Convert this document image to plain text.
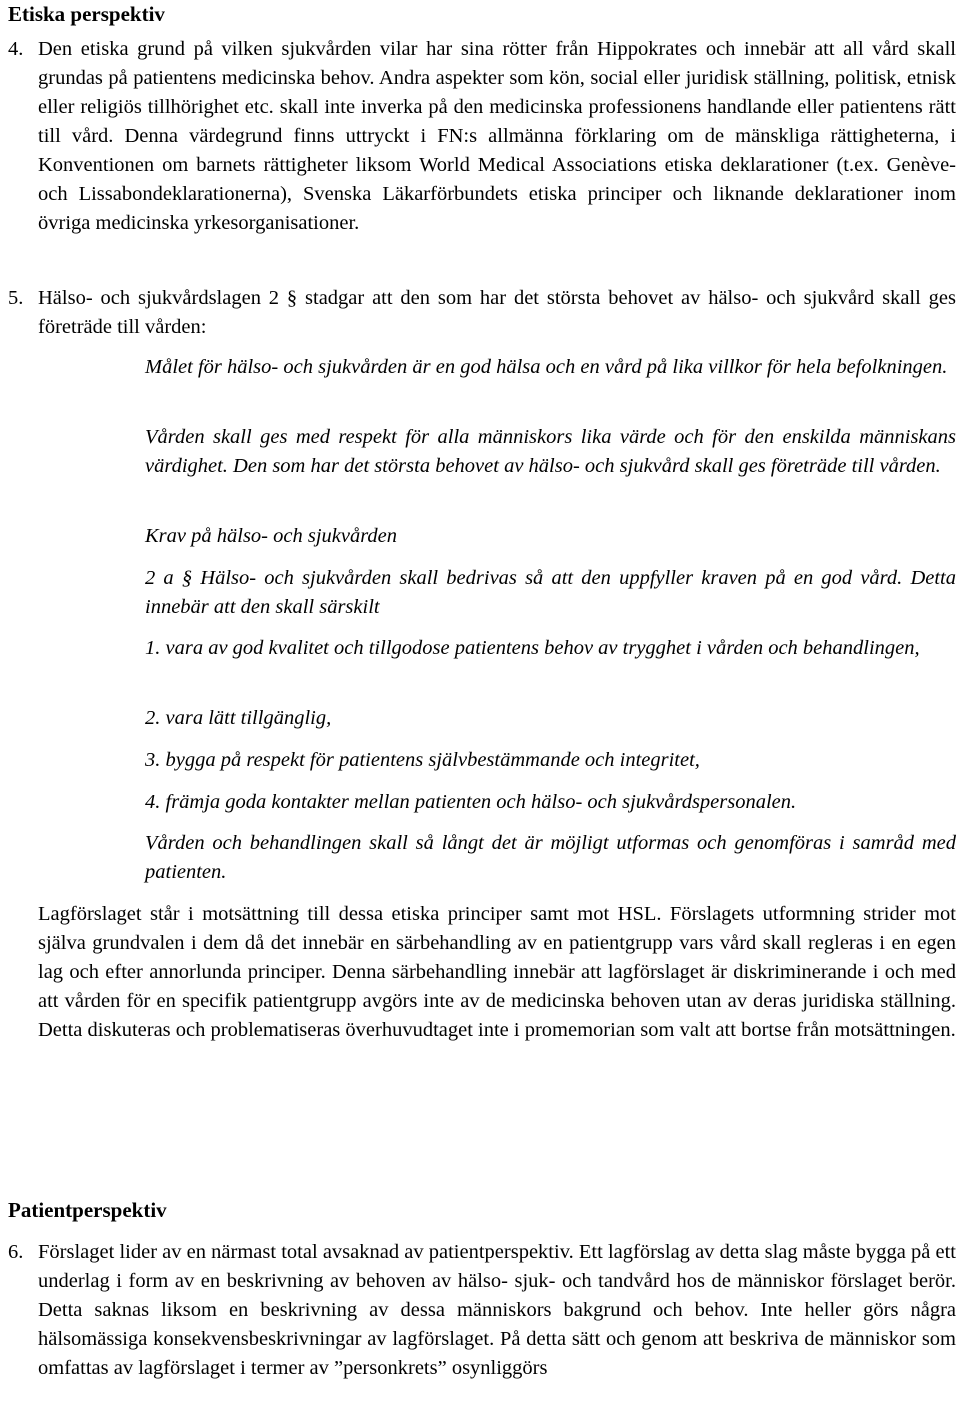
Etiska perspektiv
4. Den etiska grund på vilken sjukvården vilar har sina rötter från Hippokrates och innebär att all vård skall grundas på patientens medicinska behov. Andra aspekter som kön, social eller juridisk ställning, politisk, etnisk eller religiös tillhörighet etc. skall inte inverka på den medicinska professionens handlande eller patientens rätt till vård. Denna värdegrund finns uttryckt i FN:s allmänna förklaring om de mänskliga rättigheterna, i Konventionen om barnets rättigheter liksom World Medical Associations etiska deklarationer (t.ex. Genève- och Lissabondeklarationerna), Svenska Läkarförbundets etiska principer och liknande deklarationer inom övriga medicinska yrkesorganisationer.
5. Hälso- och sjukvårdslagen 2 § stadgar att den som har det största behovet av hälso- och sjukvård skall ges företräde till vården:

Målet för hälso- och sjukvården är en god hälsa och en vård på lika villkor för hela befolkningen.

Vården skall ges med respekt för alla människors lika värde och för den enskilda människans värdighet. Den som har det största behovet av hälso- och sjukvård skall ges företräde till vården.

Krav på hälso- och sjukvården

2 a § Hälso- och sjukvården skall bedrivas så att den uppfyller kraven på en god vård. Detta innebär att den skall särskilt

1. vara av god kvalitet och tillgodose patientens behov av trygghet i vården och behandlingen,

2. vara lätt tillgänglig,

3. bygga på respekt för patientens självbestämmande och integritet,

4. främja goda kontakter mellan patienten och hälso- och sjukvårdspersonalen.

Vården och behandlingen skall så långt det är möjligt utformas och genomföras i samråd med patienten.

Lagförslaget står i motsättning till dessa etiska principer samt mot HSL. Förslagets utformning strider mot själva grundvalen i dem då det innebär en särbehandling av en patientgrupp vars vård skall regleras i en egen lag och efter annorlunda principer. Denna särbehandling innebär att lagförslaget är diskriminerande i och med att vården för en specifik patientgrupp avgörs inte av de medicinska behoven utan av deras juridiska ställning. Detta diskuteras och problematiseras överhuvudtaget inte i promemorian som valt att bortse från motsättningen.

Patientperspektiv
6. Förslaget lider av en närmast total avsaknad av patientperspektiv. Ett lagförslag av detta slag måste bygga på ett underlag i form av en beskrivning av behoven av hälso- sjuk- och tandvård hos de människor förslaget berör. Detta saknas liksom en beskrivning av dessa människors bakgrund och behov. Inte heller görs några hälsomässiga konsekvensbeskrivningar av lagförslaget. På detta sätt och genom att beskriva de människor som omfattas av lagförslaget i termer av ”personkrets” osynliggörs
